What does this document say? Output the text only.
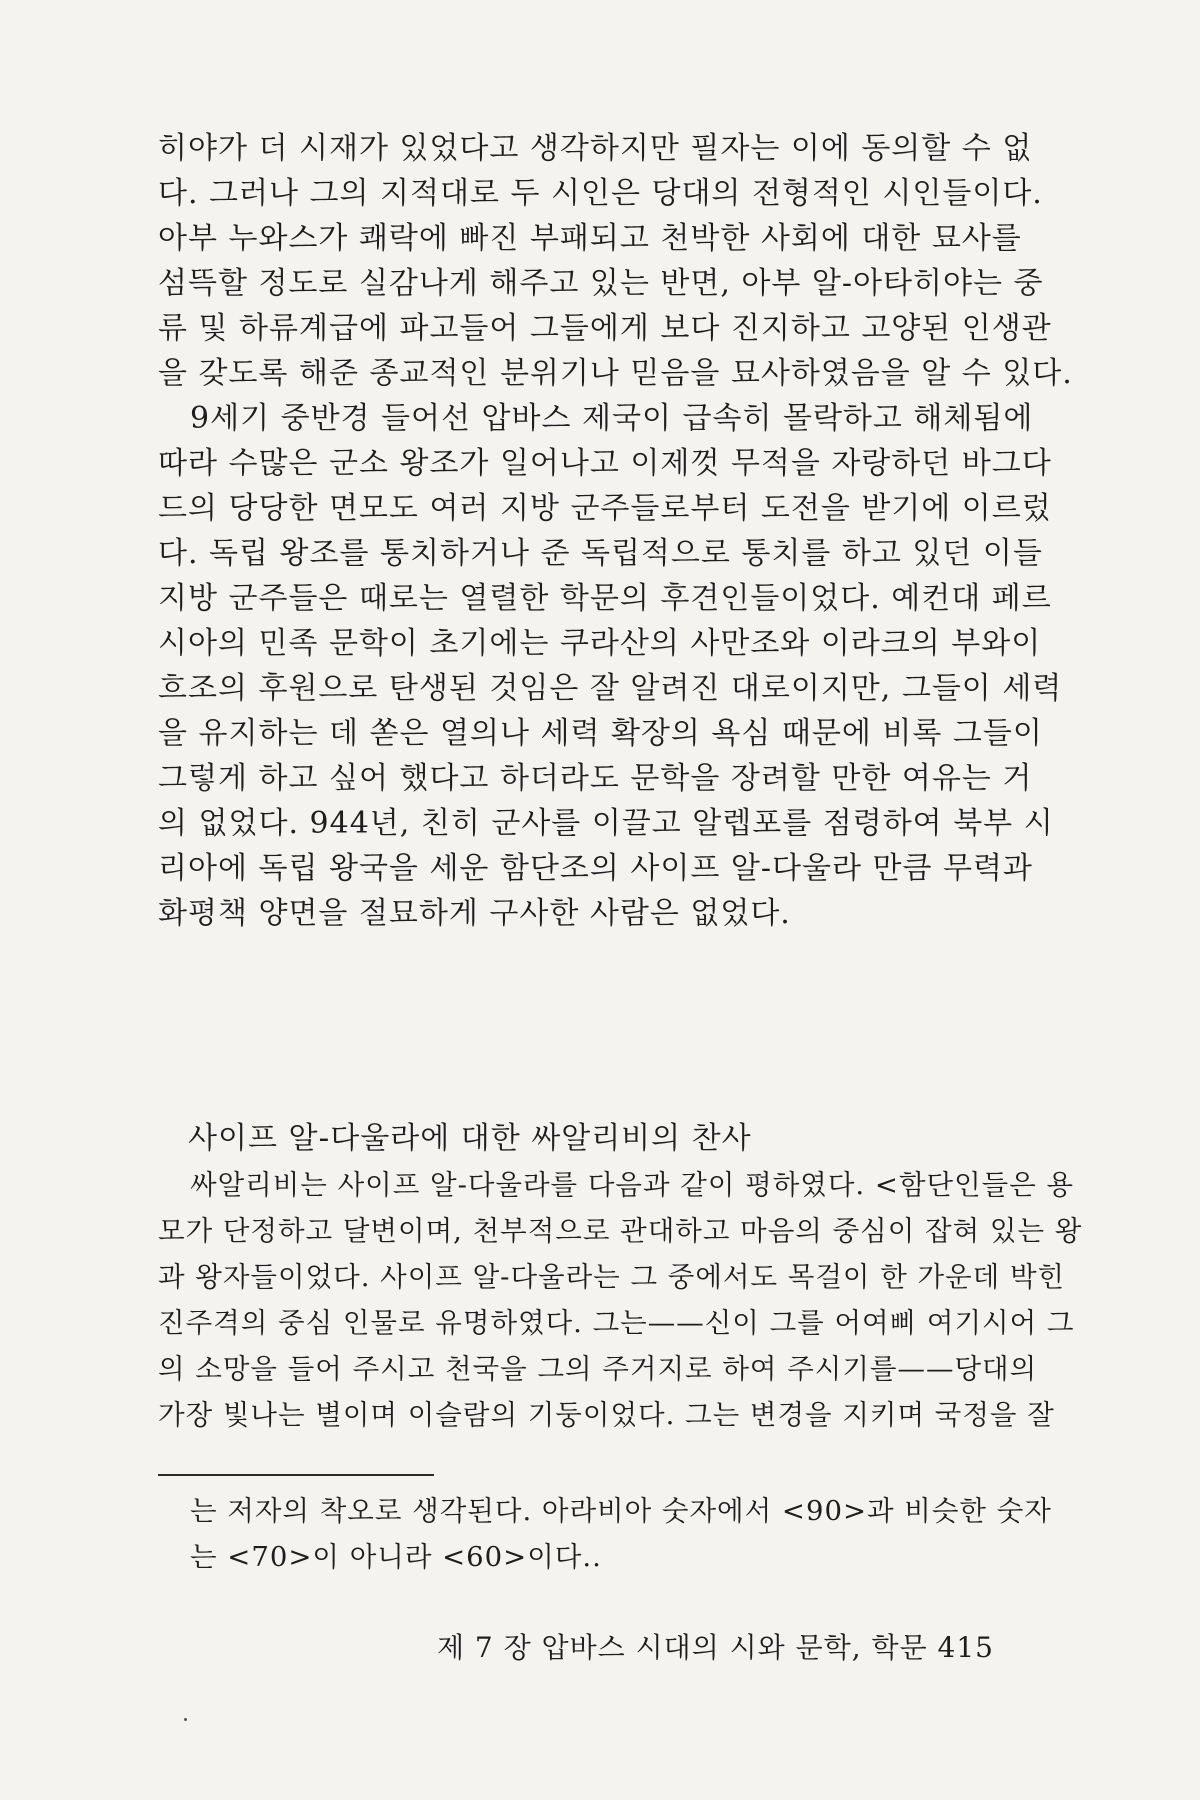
히야가 더 시재가 있었다고 생각하지만 필자는 이에 동의할 수 없
다. 그러나 그의 지적대로 두 시인은 당대의 전형적인 시인들이다.
아부 누와스가 쾌락에 빠진 부패되고 천박한 사회에 대한 묘사를
섬뜩할 정도로 실감나게 해주고 있는 반면, 아부 알-아타히야는 중
류 및 하류계급에 파고들어 그들에게 보다 진지하고 고양된 인생관
을 갖도록 해준 종교적인 분위기나 믿음을 묘사하였음을 알 수 있다.
9세기 중반경 들어선 압바스 제국이 급속히 몰락하고 해체됨에
따라 수많은 군소 왕조가 일어나고 이제껏 무적을 자랑하던 바그다
드의 당당한 면모도 여러 지방 군주들로부터 도전을 받기에 이르렀
다. 독립 왕조를 통치하거나 준 독립적으로 통치를 하고 있던 이들
지방 군주들은 때로는 열렬한 학문의 후견인들이었다. 예컨대 페르
시아의 민족 문학이 초기에는 쿠라산의 사만조와 이라크의 부와이
흐조의 후원으로 탄생된 것임은 잘 알려진 대로이지만, 그들이 세력
을 유지하는 데 쏟은 열의나 세력 확장의 욕심 때문에 비록 그들이
그렇게 하고 싶어 했다고 하더라도 문학을 장려할 만한 여유는 거
의 없었다. 944년, 친히 군사를 이끌고 알렙포를 점령하여 북부 시
리아에 독립 왕국을 세운 함단조의 사이프 알-다울라 만큼 무력과
화평책 양면을 절묘하게 구사한 사람은 없었다.
사이프 알-다울라에 대한 싸알리비의 찬사
싸알리비는 사이프 알-다울라를 다음과 같이 평하였다. <함단인들은 용
모가 단정하고 달변이며, 천부적으로 관대하고 마음의 중심이 잡혀 있는 왕
과 왕자들이었다. 사이프 알-다울라는 그 중에서도 목걸이 한 가운데 박힌
진주격의 중심 인물로 유명하였다. 그는——신이 그를 어여삐 여기시어 그
의 소망을 들어 주시고 천국을 그의 주거지로 하여 주시기를——당대의
가장 빛나는 별이며 이슬람의 기둥이었다. 그는 변경을 지키며 국정을 잘
는 저자의 착오로 생각된다. 아라비아 숫자에서 <90>과 비슷한 숫자
는 <70>이 아니라 <60>이다..
제 7 장 압바스 시대의 시와 문학, 학문 415
